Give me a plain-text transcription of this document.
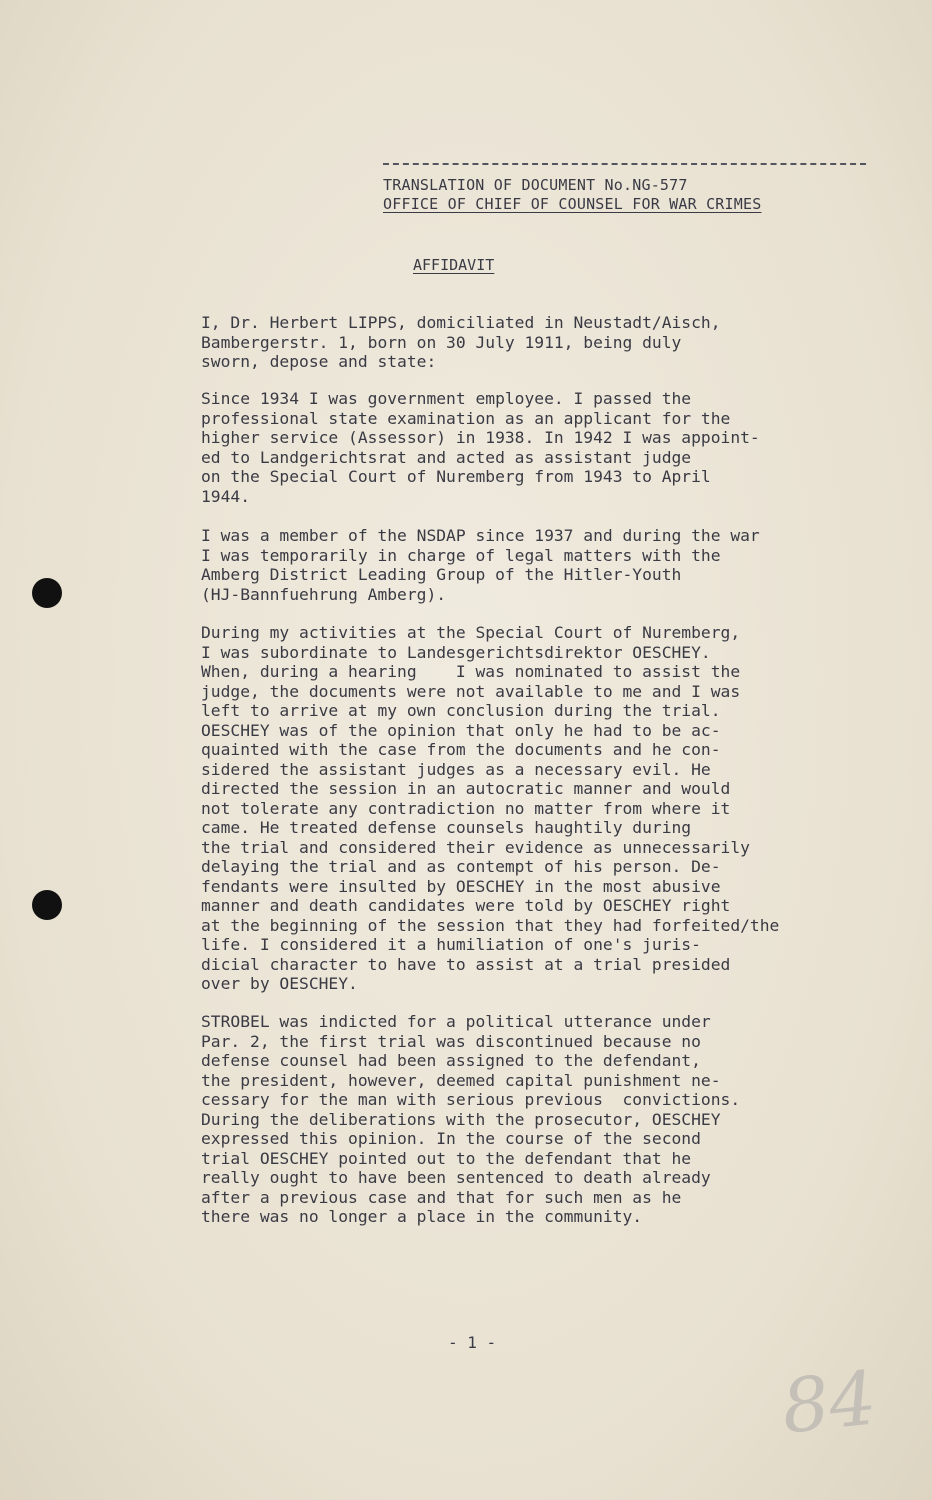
TRANSLATION OF DOCUMENT No.NG-577
OFFICE OF CHIEF OF COUNSEL FOR WAR CRIMES
AFFIDAVIT

I, Dr. Herbert LIPPS, domiciliated in Neustadt/Aisch,
Bambergerstr. 1, born on 30 July 1911, being duly
sworn, depose and state:

Since 1934 I was government employee. I passed the
professional state examination as an applicant for the
higher service (Assessor) in 1938. In 1942 I was appoint-
ed to Landgerichtsrat and acted as assistant judge
on the Special Court of Nuremberg from 1943 to April
1944.

I was a member of the NSDAP since 1937 and during the war
I was temporarily in charge of legal matters with the
Amberg District Leading Group of the Hitler-Youth
(HJ-Bannfuehrung Amberg).

During my activities at the Special Court of Nuremberg,
I was subordinate to Landesgerichtsdirektor OESCHEY.
When, during a hearing    I was nominated to assist the
judge, the documents were not available to me and I was
left to arrive at my own conclusion during the trial.
OESCHEY was of the opinion that only he had to be ac-
quainted with the case from the documents and he con-
sidered the assistant judges as a necessary evil. He
directed the session in an autocratic manner and would
not tolerate any contradiction no matter from where it
came. He treated defense counsels haughtily during
the trial and considered their evidence as unnecessarily
delaying the trial and as contempt of his person. De-
fendants were insulted by OESCHEY in the most abusive
manner and death candidates were told by OESCHEY right
at the beginning of the session that they had forfeited/the
life. I considered it a humiliation of one's juris-
dicial character to have to assist at a trial presided
over by OESCHEY.

STROBEL was indicted for a political utterance under
Par. 2, the first trial was discontinued because no
defense counsel had been assigned to the defendant,
the president, however, deemed capital punishment ne-
cessary for the man with serious previous  convictions.
During the deliberations with the prosecutor, OESCHEY
expressed this opinion. In the course of the second
trial OESCHEY pointed out to the defendant that he
really ought to have been sentenced to death already
after a previous case and that for such men as he
there was no longer a place in the community.

- 1 -
84
